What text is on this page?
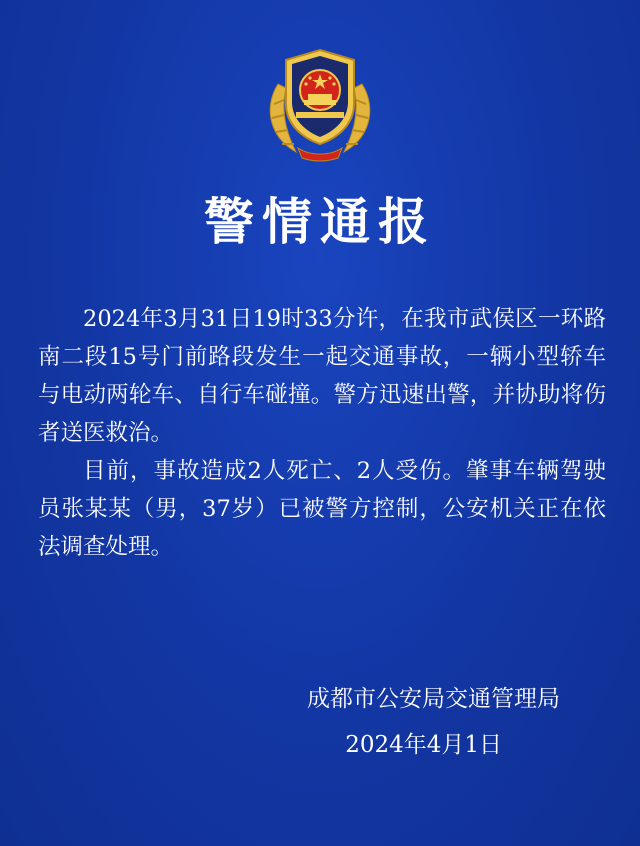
警情通报

2024年3月31日19时33分许，在我市武侯区一环路南二段15号门前路段发生一起交通事故，一辆小型轿车与电动两轮车、自行车碰撞。警方迅速出警，并协助将伤者送医救治。

目前，事故造成2人死亡、2人受伤。肇事车辆驾驶员张某某（男，37岁）已被警方控制，公安机关正在依法调查处理。

成都市公安局交通管理局
2024年4月1日
